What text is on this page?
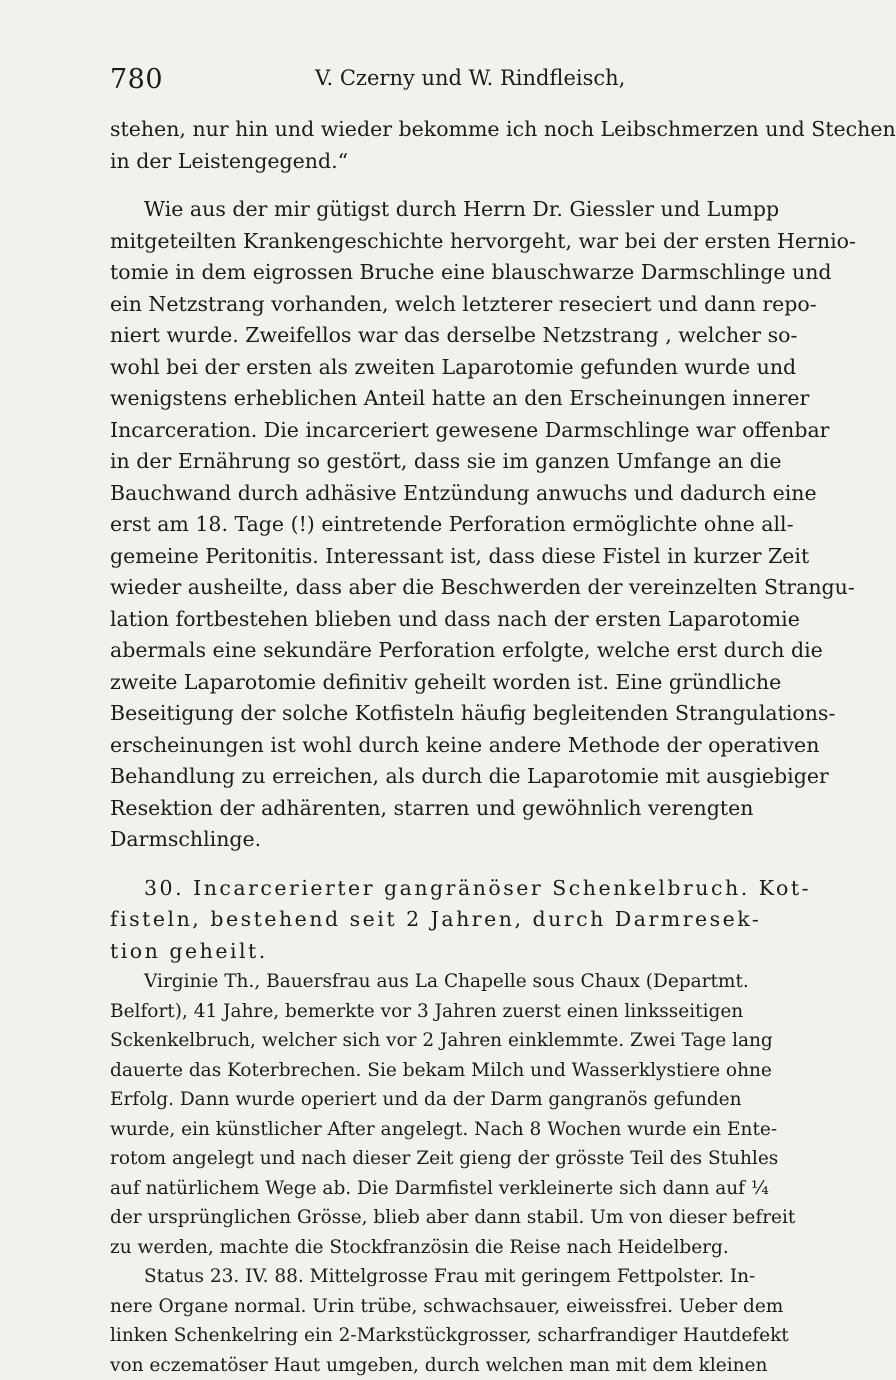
780	V. Czerny und W. Rindfleisch,
stehen, nur hin und wieder bekomme ich noch Leibschmerzen und Stechen
in der Leistengegend.“
Wie aus der mir gütigst durch Herrn Dr. Giessler und Lumpp
mitgeteilten Krankengeschichte hervorgeht, war bei der ersten Hernio-
tomie in dem eigrossen Bruche eine blauschwarze Darmschlinge und
ein Netzstrang vorhanden, welch letzterer reseciert und dann repo-
niert wurde. Zweifellos war das derselbe Netzstrang , welcher so-
wohl bei der ersten als zweiten Laparotomie gefunden wurde und
wenigstens erheblichen Anteil hatte an den Erscheinungen innerer
Incarceration. Die incarceriert gewesene Darmschlinge war offenbar
in der Ernährung so gestört, dass sie im ganzen Umfange an die
Bauchwand durch adhäsive Entzündung anwuchs und dadurch eine
erst am 18. Tage (!) eintretende Perforation ermöglichte ohne all-
gemeine Peritonitis. Interessant ist, dass diese Fistel in kurzer Zeit
wieder ausheilte, dass aber die Beschwerden der vereinzelten Strangu-
lation fortbestehen blieben und dass nach der ersten Laparotomie
abermals eine sekundäre Perforation erfolgte, welche erst durch die
zweite Laparotomie definitiv geheilt worden ist. Eine gründliche
Beseitigung der solche Kotfisteln häufig begleitenden Strangulations-
erscheinungen ist wohl durch keine andere Methode der operativen
Behandlung zu erreichen, als durch die Laparotomie mit ausgiebiger
Resektion der adhärenten, starren und gewöhnlich verengten
Darmschlinge.
30. Incarcerierter gangränöser Schenkelbruch. Kot-
fisteln, bestehend seit 2 Jahren, durch Darmresek-
tion geheilt.
Virginie Th., Bauersfrau aus La Chapelle sous Chaux (Departmt.
Belfort), 41 Jahre, bemerkte vor 3 Jahren zuerst einen linksseitigen
Sckenkelbruch, welcher sich vor 2 Jahren einklemmte. Zwei Tage lang
dauerte das Koterbrechen. Sie bekam Milch und Wasserklystiere ohne
Erfolg. Dann wurde operiert und da der Darm gangranös gefunden
wurde, ein künstlicher After angelegt. Nach 8 Wochen wurde ein Ente-
rotom angelegt und nach dieser Zeit gieng der grösste Teil des Stuhles
auf natürlichem Wege ab. Die Darmfistel verkleinerte sich dann auf ¼
der ursprünglichen Grösse, blieb aber dann stabil. Um von dieser befreit
zu werden, machte die Stockfranzösin die Reise nach Heidelberg.
Status 23. IV. 88. Mittelgrosse Frau mit geringem Fettpolster. In-
nere Organe normal. Urin trübe, schwachsauer, eiweissfrei. Ueber dem
linken Schenkelring ein 2-Markstückgrosser, scharfrandiger Hautdefekt
von eczematöser Haut umgeben, durch welchen man mit dem kleinen
